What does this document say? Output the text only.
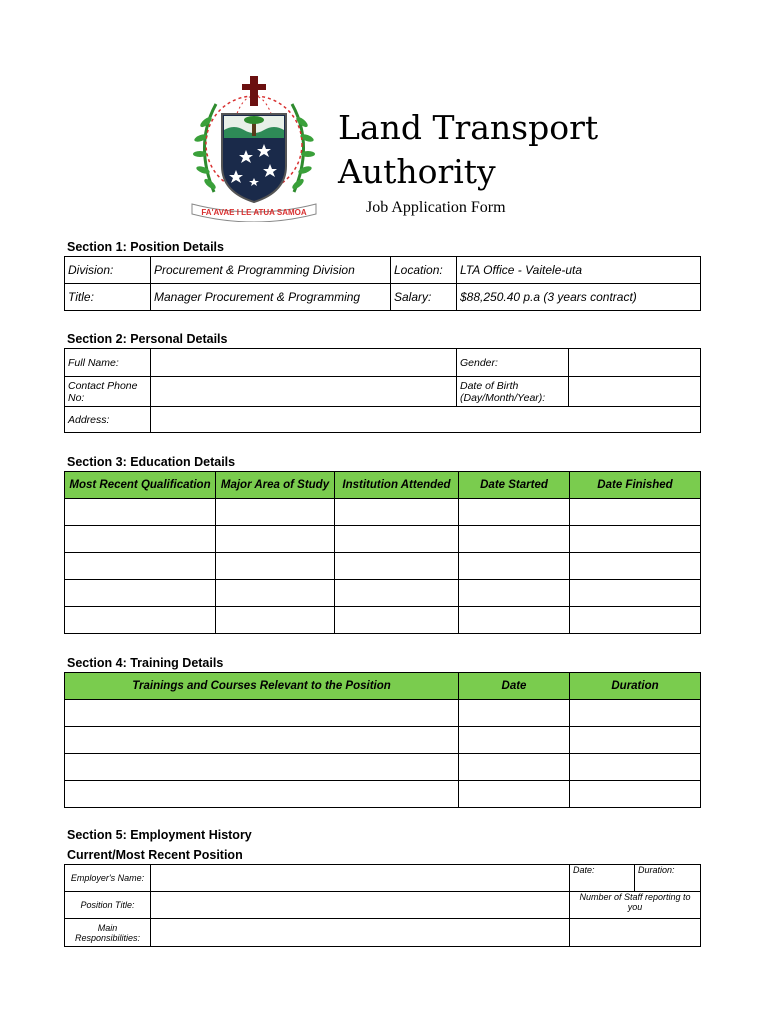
FA'AVAE I LE ATUA SAMOA
Land Transport
Authority
Job Application Form
Section 1: Position Details
Division:	Procurement & Programming Division	Location:	LTA Office - Vaitele-uta
Title:	Manager Procurement & Programming	Salary:	$88,250.40 p.a (3 years contract)
Section 2: Personal Details
Full Name:		Gender:	
Contact Phone No:		Date of Birth (Day/Month/Year):	
Address:			
Section 3: Education Details
Most Recent Qualification	Major Area of Study	Institution Attended	Date Started	Date Finished

Section 4: Training Details
Trainings and Courses Relevant to the Position	Date	Duration

Section 5: Employment History
Current/Most Recent Position
Employer's Name:		Date:	Duration:
Position Title:		Number of Staff reporting to you	
Main Responsibilities:			
